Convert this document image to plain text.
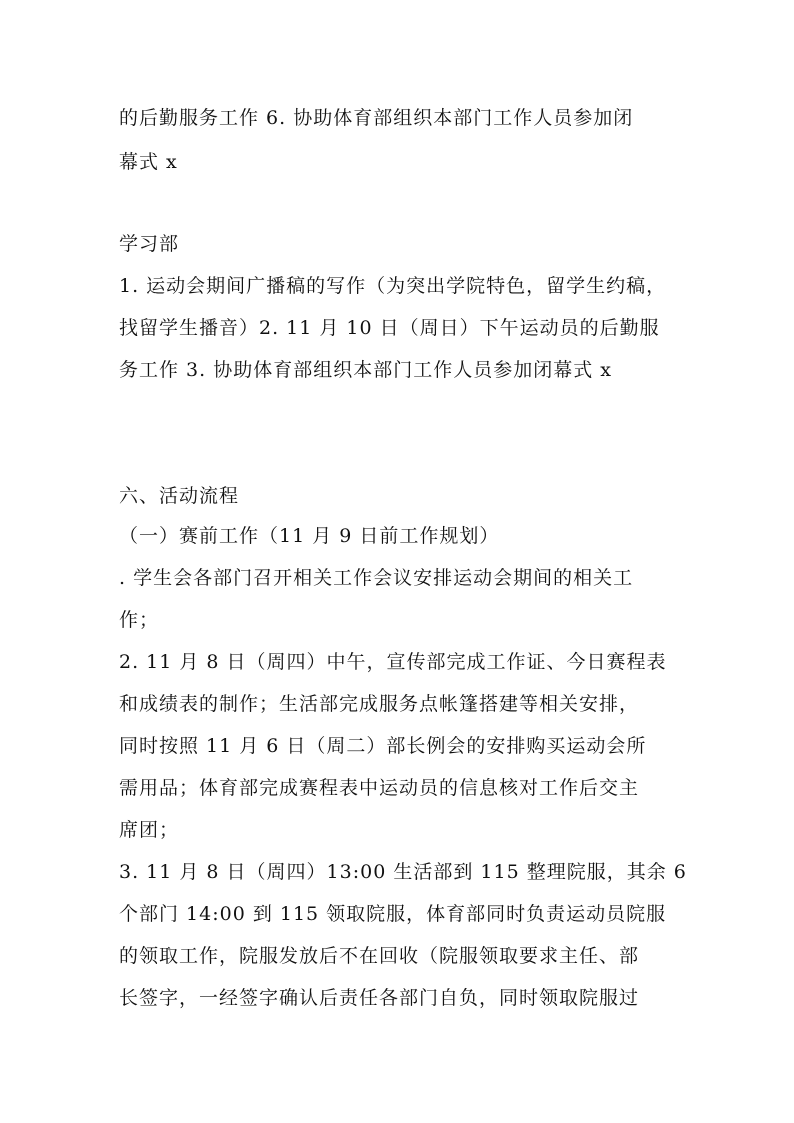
的后勤服务工作 6. 协助体育部组织本部门工作人员参加闭
幕式 x
学习部
1. 运动会期间广播稿的写作（为突出学院特色，留学生约稿，
找留学生播音）2. 11 月 10 日（周日）下午运动员的后勤服
务工作 3. 协助体育部组织本部门工作人员参加闭幕式 x
六、活动流程
（一）赛前工作（11 月 9 日前工作规划）
. 学生会各部门召开相关工作会议安排运动会期间的相关工
作；
2. 11 月 8 日（周四）中午，宣传部完成工作证、今日赛程表
和成绩表的制作；生活部完成服务点帐篷搭建等相关安排，
同时按照 11 月 6 日（周二）部长例会的安排购买运动会所
需用品；体育部完成赛程表中运动员的信息核对工作后交主
席团；
3. 11 月 8 日（周四）13:00 生活部到 115 整理院服，其余 6
个部门 14:00 到 115 领取院服，体育部同时负责运动员院服
的领取工作，院服发放后不在回收（院服领取要求主任、部
长签字，一经签字确认后责任各部门自负，同时领取院服过
